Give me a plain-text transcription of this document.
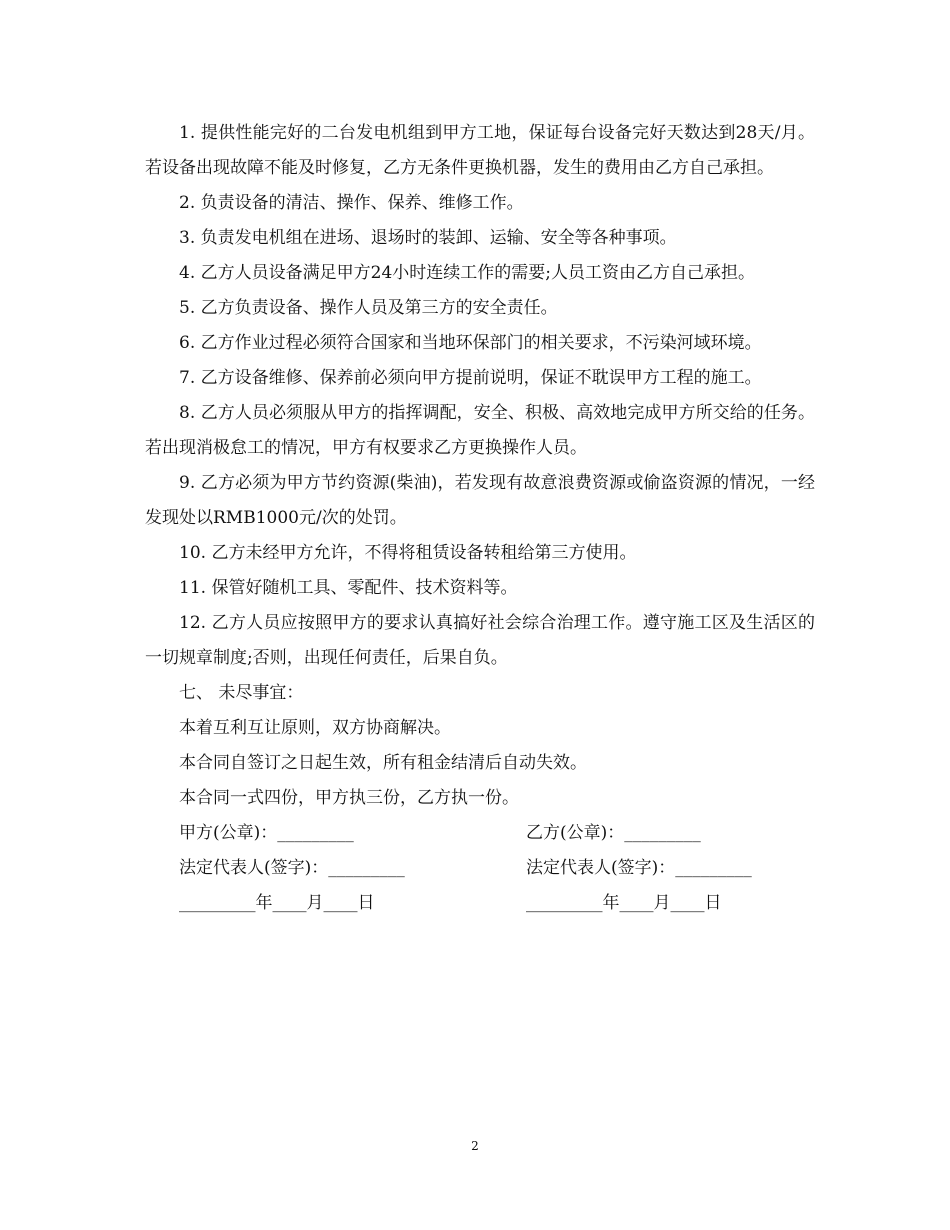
1. 提供性能完好的二台发电机组到甲方工地，保证每台设备完好天数达到28天/月。若设备出现故障不能及时修复，乙方无条件更换机器，发生的费用由乙方自己承担。

2. 负责设备的清洁、操作、保养、维修工作。

3. 负责发电机组在进场、退场时的装卸、运输、安全等各种事项。

4. 乙方人员设备满足甲方24小时连续工作的需要;人员工资由乙方自己承担。

5. 乙方负责设备、操作人员及第三方的安全责任。

6. 乙方作业过程必须符合国家和当地环保部门的相关要求，不污染河域环境。

7. 乙方设备维修、保养前必须向甲方提前说明，保证不耽误甲方工程的施工。

8. 乙方人员必须服从甲方的指挥调配，安全、积极、高效地完成甲方所交给的任务。若出现消极怠工的情况，甲方有权要求乙方更换操作人员。

9. 乙方必须为甲方节约资源(柴油)，若发现有故意浪费资源或偷盗资源的情况，一经发现处以RMB1000元/次的处罚。

10. 乙方未经甲方允许，不得将租赁设备转租给第三方使用。

11. 保管好随机工具、零配件、技术资料等。

12. 乙方人员应按照甲方的要求认真搞好社会综合治理工作。遵守施工区及生活区的一切规章制度;否则，出现任何责任，后果自负。

七、 未尽事宜：

本着互利互让原则，双方协商解决。

本合同自签订之日起生效，所有租金结清后自动失效。

本合同一式四份，甲方执三份，乙方执一份。

甲方(公章)：_________	乙方(公章)：_________
法定代表人(签字)：_________	法定代表人(签字)：_________
_________年____月____日	_________年____月____日
2
